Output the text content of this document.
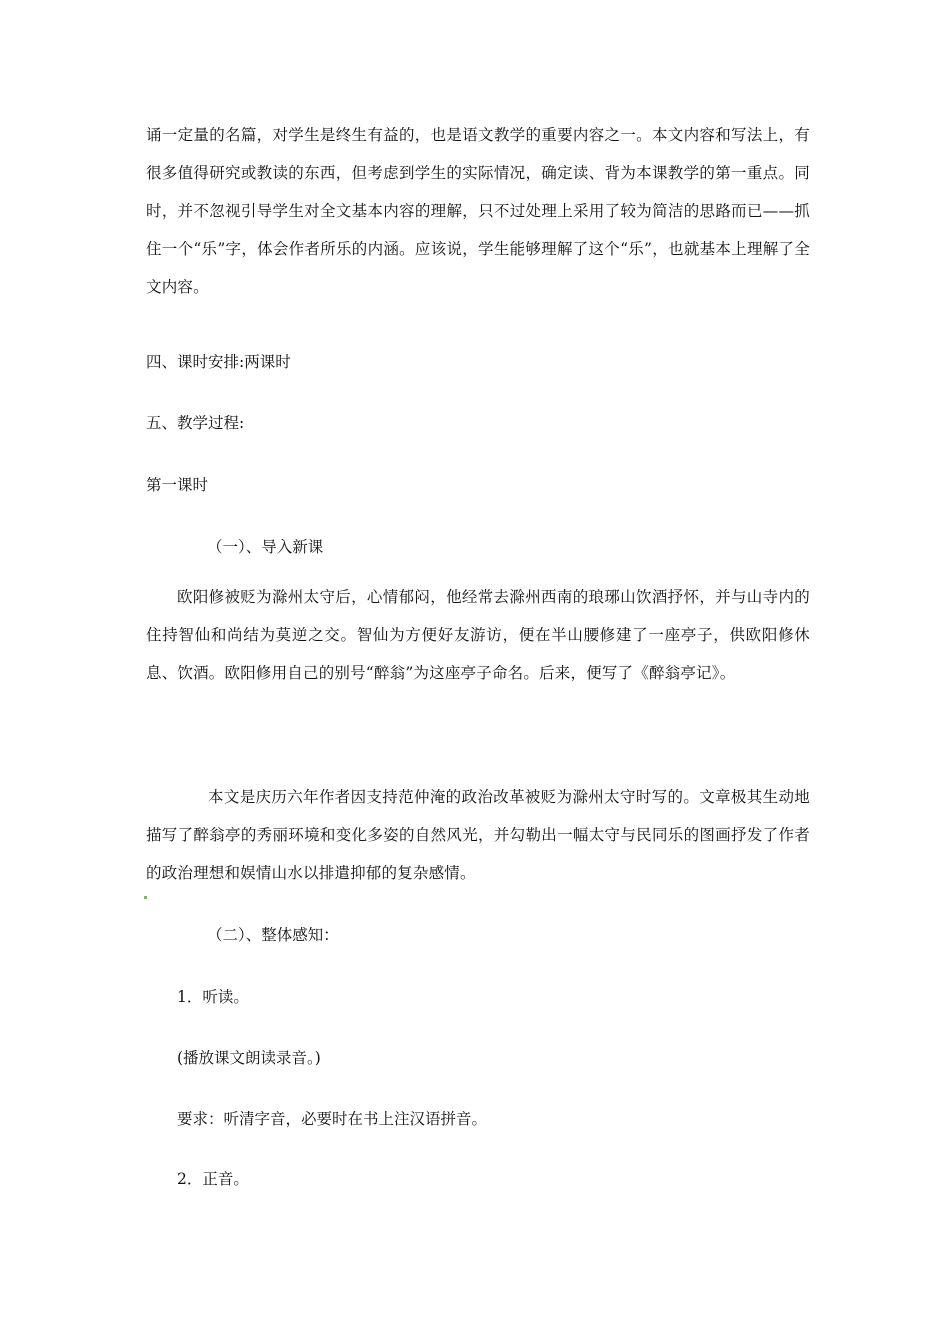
诵一定量的名篇，对学生是终生有益的，也是语文教学的重要内容之一。本文内容和写法上，有很多值得研究或教读的东西，但考虑到学生的实际情况，确定读、背为本课教学的第一重点。同时，并不忽视引导学生对全文基本内容的理解，只不过处理上采用了较为简洁的思路而已——抓住一个“乐”字，体会作者所乐的内涵。应该说，学生能够理解了这个“乐”，也就基本上理解了全文内容。

四、课时安排:两课时

五、教学过程:

第一课时

（一）、导入新课

欧阳修被贬为滁州太守后，心情郁闷，他经常去滁州西南的琅琊山饮酒抒怀，并与山寺内的住持智仙和尚结为莫逆之交。智仙为方便好友游访，便在半山腰修建了一座亭子，供欧阳修休息、饮酒。欧阳修用自己的别号“醉翁”为这座亭子命名。后来，便写了《醉翁亭记》。

本文是庆历六年作者因支持范仲淹的政治改革被贬为滁州太守时写的。文章极其生动地描写了醉翁亭的秀丽环境和变化多姿的自然风光，并勾勒出一幅太守与民同乐的图画抒发了作者的政治理想和娱情山水以排遣抑郁的复杂感情。

（二）、整体感知：

1．听读。

(播放课文朗读录音。)

要求：听清字音，必要时在书上注汉语拼音。

2．正音。
